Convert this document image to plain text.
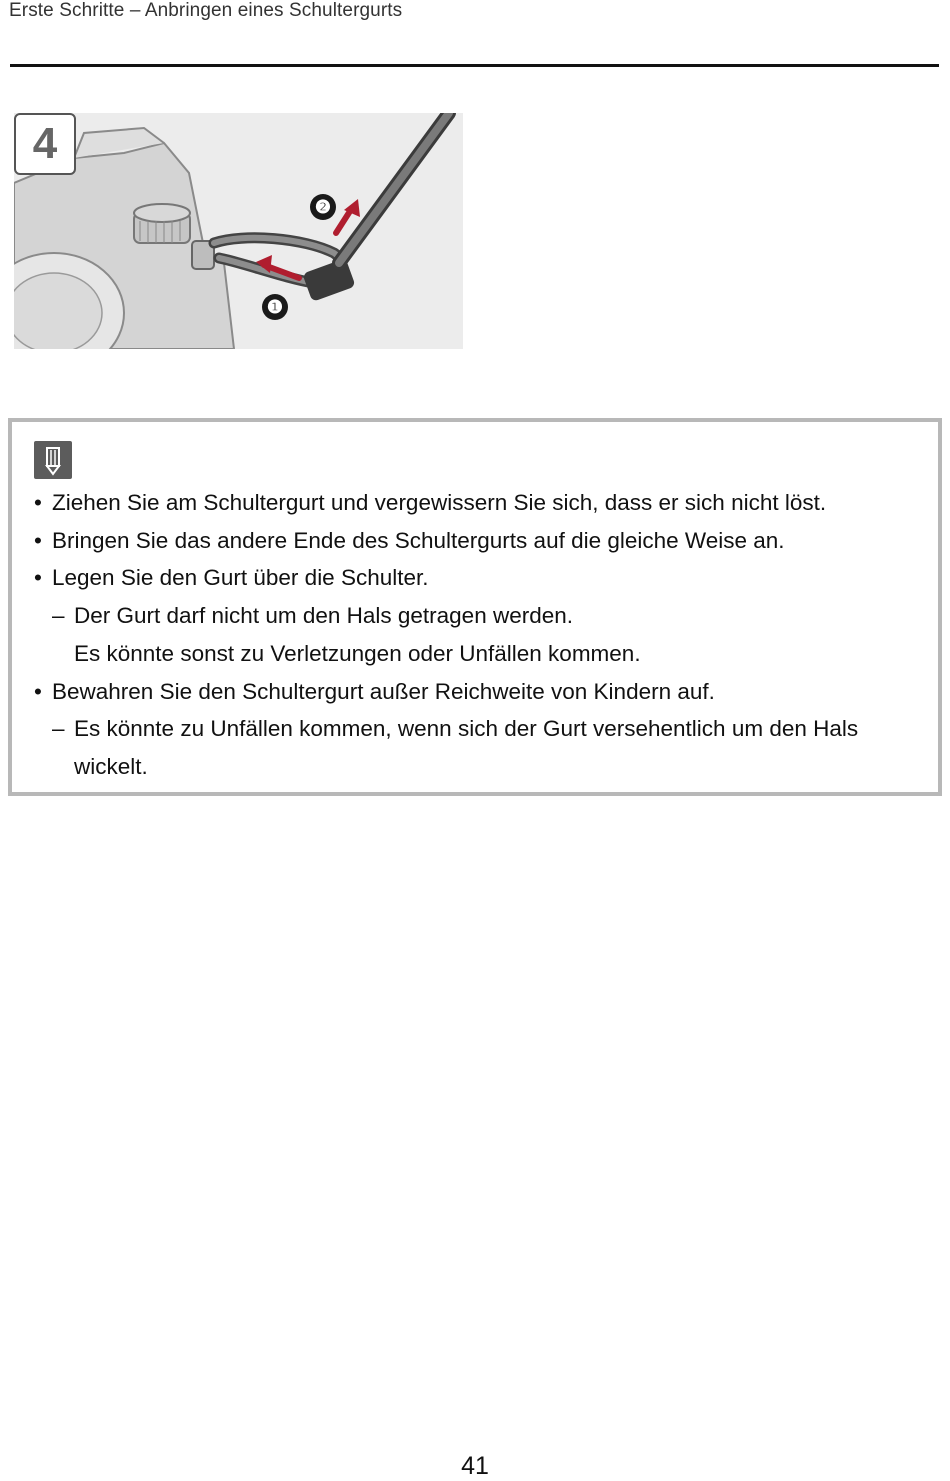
Erste Schritte – Anbringen eines Schultergurts
4
❷
❶
• Ziehen Sie am Schultergurt und vergewissern Sie sich, dass er sich nicht löst.
• Bringen Sie das andere Ende des Schultergurts auf die gleiche Weise an.
• Legen Sie den Gurt über die Schulter.
– Der Gurt darf nicht um den Hals getragen werden.
Es könnte sonst zu Verletzungen oder Unfällen kommen.
• Bewahren Sie den Schultergurt außer Reichweite von Kindern auf.
– Es könnte zu Unfällen kommen, wenn sich der Gurt versehentlich um den Hals
wickelt.
41
